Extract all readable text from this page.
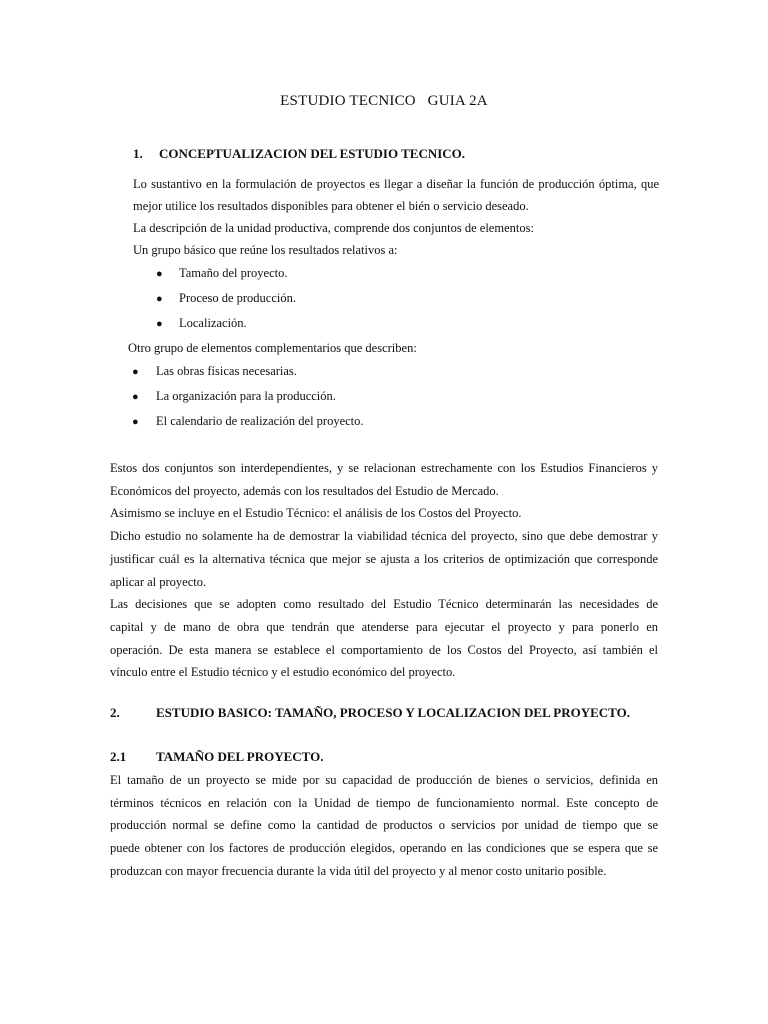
ESTUDIO TECNICO   GUIA 2A
1. CONCEPTUALIZACION DEL ESTUDIO TECNICO.
Lo sustantivo en la formulación de proyectos es llegar a diseñar la función de producción óptima, que
mejor utilice los resultados disponibles para obtener el bién o servicio deseado.
La descripción de la unidad productiva, comprende dos conjuntos de elementos:
Un grupo básico que reúne los resultados relativos a:
● Tamaño del proyecto.
● Proceso de producción.
● Localización.
Otro grupo de elementos complementarios que describen:
● Las obras físicas necesarias.
● La organización para la producción.
● El calendario de realización del proyecto.
Estos dos conjuntos son interdependientes, y se relacionan estrechamente con los Estudios Financieros y
Económicos del proyecto, además con los resultados del Estudio de Mercado.
Asimismo se incluye en el Estudio Técnico: el análisis de los Costos del Proyecto.
Dicho estudio no solamente ha de demostrar la viabilidad técnica del proyecto, sino que debe demostrar y
justificar cuál es la alternativa técnica que mejor se ajusta a los criterios de optimización que corresponde
aplicar al proyecto.
Las decisiones que se adopten como resultado del Estudio Técnico determinarán las necesidades de
capital y de mano de obra que tendrán que atenderse para ejecutar el proyecto y para ponerlo en
operación. De esta manera se establece el comportamiento de los Costos del Proyecto, así también el
vínculo entre el Estudio técnico y el estudio económico del proyecto.
2.	ESTUDIO BASICO: TAMAÑO, PROCESO Y LOCALIZACION DEL PROYECTO.
2.1 TAMAÑO DEL PROYECTO.
El tamaño de un proyecto se mide por su capacidad de producción de bienes o servicios, definida en
términos técnicos en relación con la Unidad de tiempo de funcionamiento normal. Este concepto de
producción normal se define como la cantidad de productos o servicios por unidad de tiempo que se
puede obtener con los factores de producción elegidos, operando en las condiciones que se espera que se
produzcan con mayor frecuencia durante la vida útil del proyecto y al menor costo unitario posible.
